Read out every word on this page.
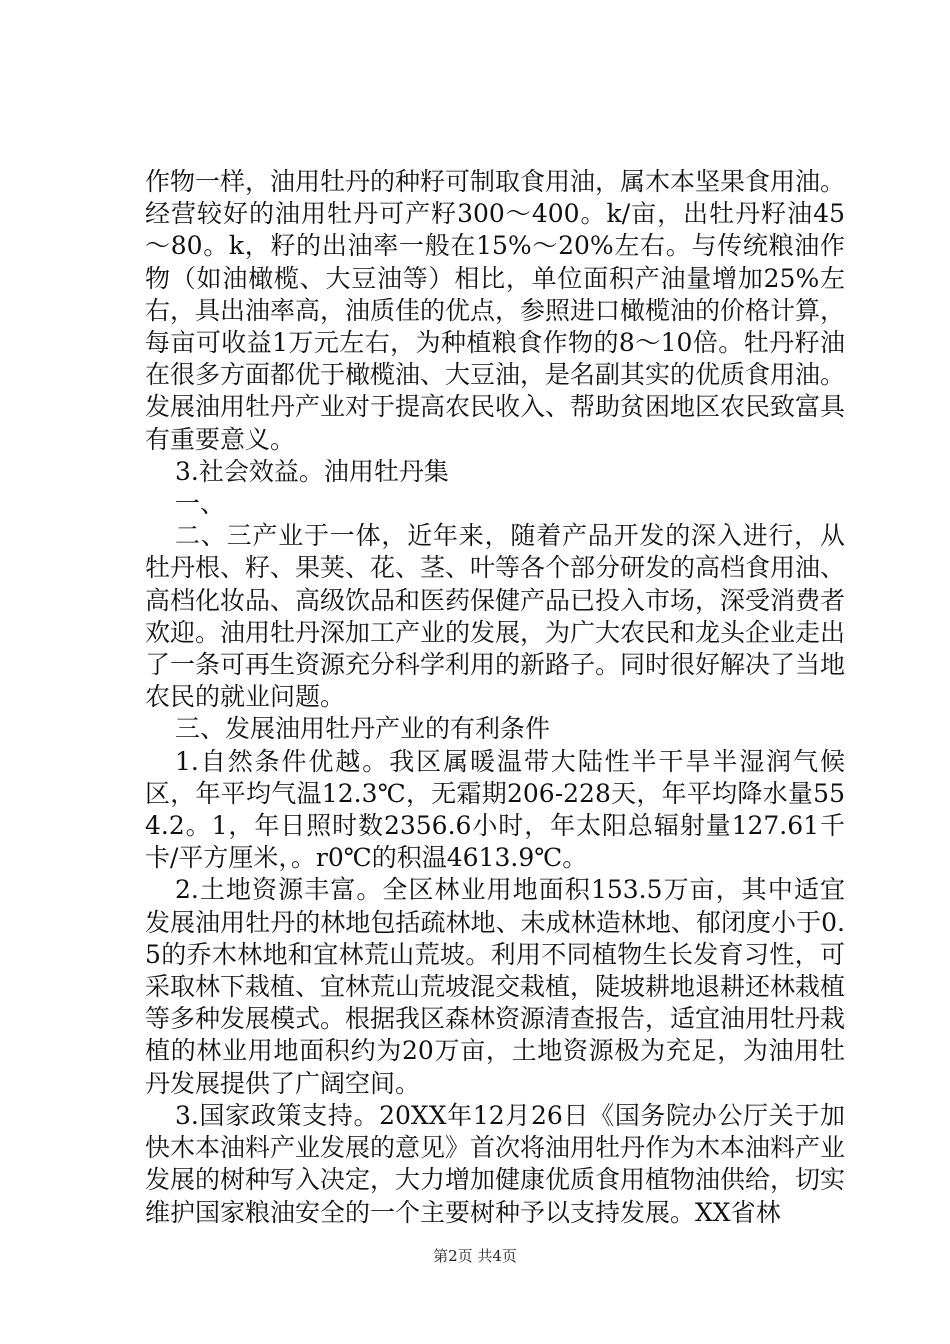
作物一样，油用牡丹的种籽可制取食用油，属木本坚果食用油。经营较好的油用牡丹可产籽300～400。k/亩，出牡丹籽油45～80。k，籽的出油率一般在15%～20%左右。与传统粮油作物（如油橄榄、大豆油等）相比，单位面积产油量增加25%左右，具出油率高，油质佳的优点，参照进口橄榄油的价格计算，每亩可收益1万元左右，为种植粮食作物的8～10倍。牡丹籽油在很多方面都优于橄榄油、大豆油，是名副其实的优质食用油。发展油用牡丹产业对于提高农民收入、帮助贫困地区农民致富具有重要意义。

3.社会效益。油用牡丹集

一、

二、三产业于一体，近年来，随着产品开发的深入进行，从牡丹根、籽、果荚、花、茎、叶等各个部分研发的高档食用油、高档化妆品、高级饮品和医药保健产品已投入市场，深受消费者欢迎。油用牡丹深加工产业的发展，为广大农民和龙头企业走出了一条可再生资源充分科学利用的新路子。同时很好解决了当地农民的就业问题。

三、发展油用牡丹产业的有利条件

1.自然条件优越。我区属暖温带大陆性半干旱半湿润气候区，年平均气温12.3℃，无霜期206-228天，年平均降水量554.2。1，年日照时数2356.6小时，年太阳总辐射量127.61千卡/平方厘米，。r0℃的积温4613.9℃。

2.土地资源丰富。全区林业用地面积153.5万亩，其中适宜发展油用牡丹的林地包括疏林地、未成林造林地、郁闭度小于0.5的乔木林地和宜林荒山荒坡。利用不同植物生长发育习性，可采取林下栽植、宜林荒山荒坡混交栽植，陡坡耕地退耕还林栽植等多种发展模式。根据我区森林资源清查报告，适宜油用牡丹栽植的林业用地面积约为20万亩，土地资源极为充足，为油用牡丹发展提供了广阔空间。

3.国家政策支持。20XX年12月26日《国务院办公厅关于加快木本油料产业发展的意见》首次将油用牡丹作为木本油料产业发展的树种写入决定，大力增加健康优质食用植物油供给，切实维护国家粮油安全的一个主要树种予以支持发展。XX省林

第2页 共4页
